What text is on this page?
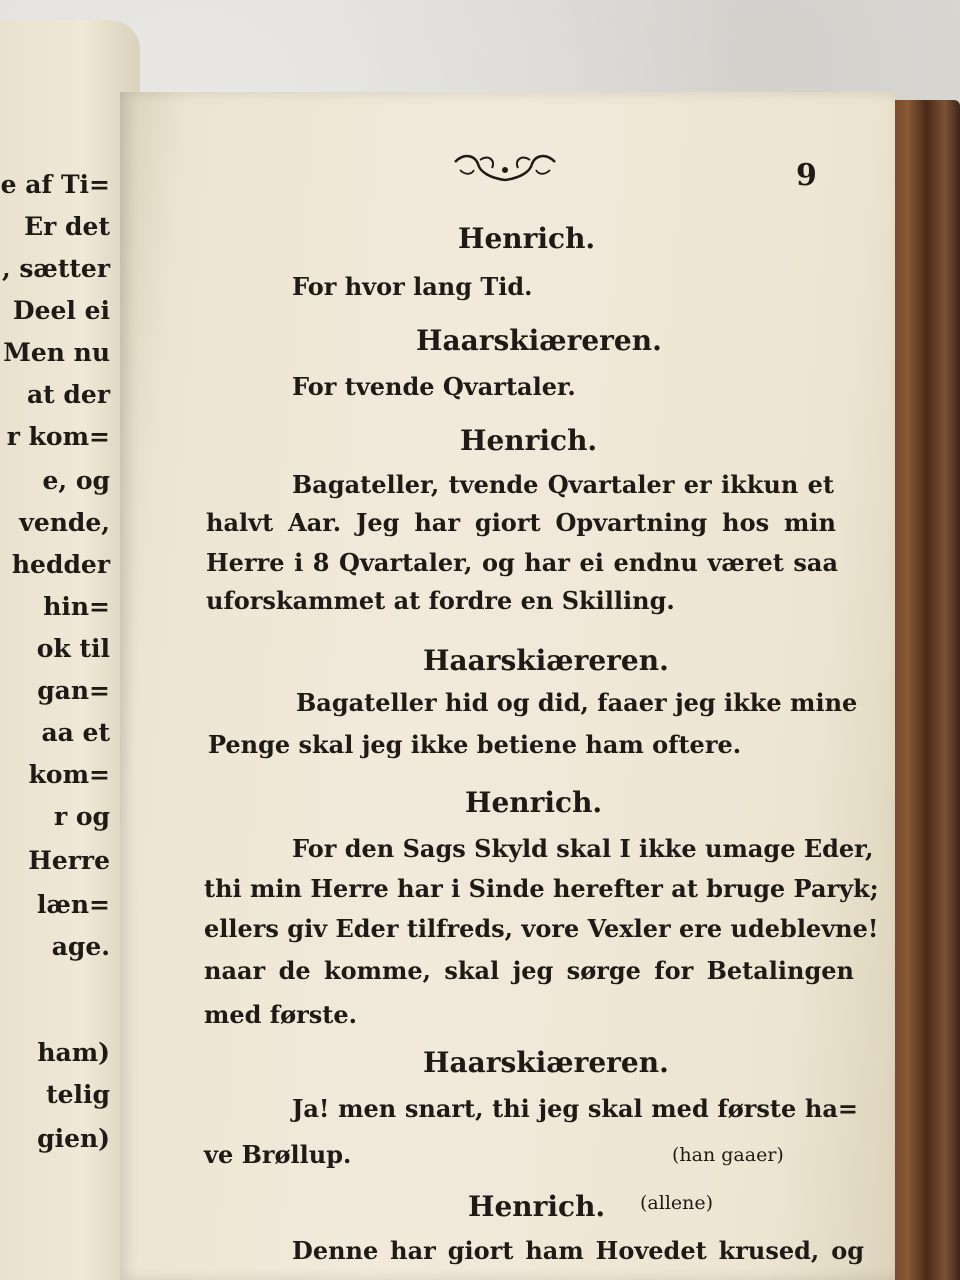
e af Ti=
Er det
, sætter
Deel ei
Men nu
at der
r kom=
e, og
vende,
hedder
hin=
ok til
gan=
aa et
kom=
r og
Herre
læn=
age.
ham)
telig
gien)
9
Henrich.
For hvor lang Tid.
Haarskiæreren.
For tvende Qvartaler.
Henrich.
Bagateller, tvende Qvartaler er ikkun et
halvt Aar. Jeg har giort Opvartning hos min
Herre i 8 Qvartaler, og har ei endnu været saa
uforskammet at fordre en Skilling.
Haarskiæreren.
Bagateller hid og did, faaer jeg ikke mine
Penge skal jeg ikke betiene ham oftere.
Henrich.
For den Sags Skyld skal I ikke umage Eder,
thi min Herre har i Sinde herefter at bruge Paryk;
ellers giv Eder tilfreds, vore Vexler ere udeblevne!
naar de komme, skal jeg sørge for Betalingen
med første.
Haarskiæreren.
Ja! men snart, thi jeg skal med første ha=
ve Brøllup.	(han gaaer)
Henrich. (allene)
Denne har giort ham Hovedet krused, og
